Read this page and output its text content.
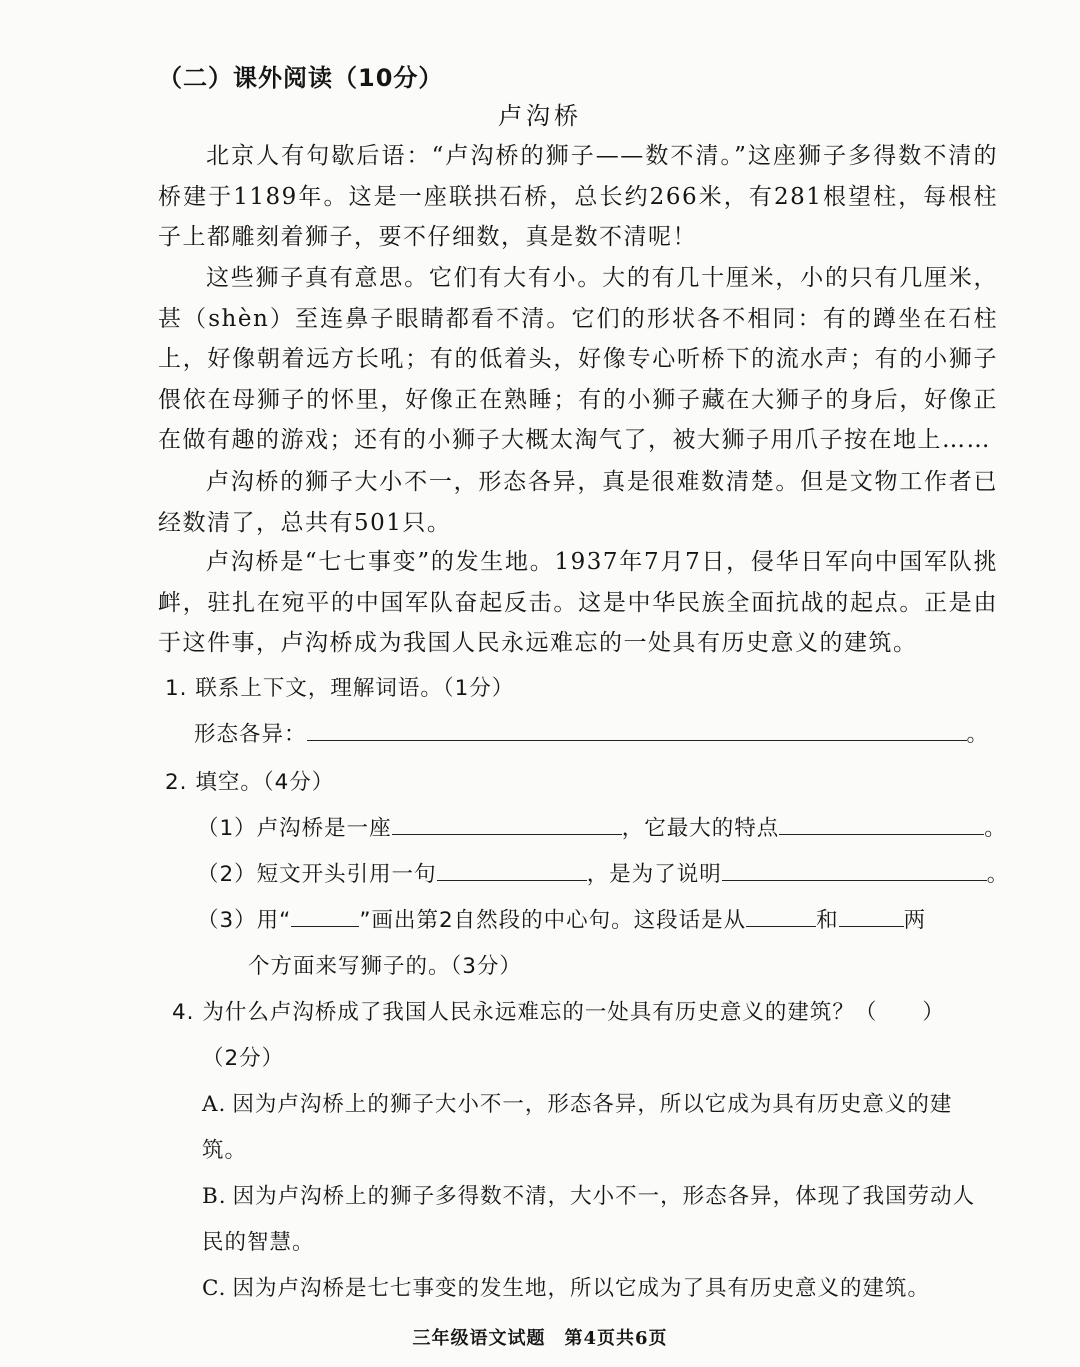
（二）课外阅读（10分）
卢沟桥
北京人有句歇后语：“卢沟桥的狮子——数不清。”这座狮子多得数不清的桥建于1189年。这是一座联拱石桥，总长约266米，有281根望柱，每根柱子上都雕刻着狮子，要不仔细数，真是数不清呢！
这些狮子真有意思。它们有大有小。大的有几十厘米，小的只有几厘米，甚（shèn）至连鼻子眼睛都看不清。它们的形状各不相同：有的蹲坐在石柱上，好像朝着远方长吼；有的低着头，好像专心听桥下的流水声；有的小狮子偎依在母狮子的怀里，好像正在熟睡；有的小狮子藏在大狮子的身后，好像正在做有趣的游戏；还有的小狮子大概太淘气了，被大狮子用爪子按在地上……
卢沟桥的狮子大小不一，形态各异，真是很难数清楚。但是文物工作者已经数清了，总共有501只。
卢沟桥是“七七事变”的发生地。1937年7月7日，侵华日军向中国军队挑衅，驻扎在宛平的中国军队奋起反击。这是中华民族全面抗战的起点。正是由于这件事，卢沟桥成为我国人民永远难忘的一处具有历史意义的建筑。
1. 联系上下文，理解词语。（1分）
形态各异：	。
2. 填空。（4分）
（1）卢沟桥是一座	，它最大的特点	。
（2）短文开头引用一句	，是为了说明	。
（3）用“	”画出第2自然段的中心句。这段话是从	和	两
个方面来写狮子的。（3分）
4. 为什么卢沟桥成了我国人民永远难忘的一处具有历史意义的建筑？（　　）
（2分）
A. 因为卢沟桥上的狮子大小不一，形态各异，所以它成为具有历史意义的建筑。
B. 因为卢沟桥上的狮子多得数不清，大小不一，形态各异，体现了我国劳动人民的智慧。
C. 因为卢沟桥是七七事变的发生地，所以它成为了具有历史意义的建筑。
三年级语文试题　第4页共6页
